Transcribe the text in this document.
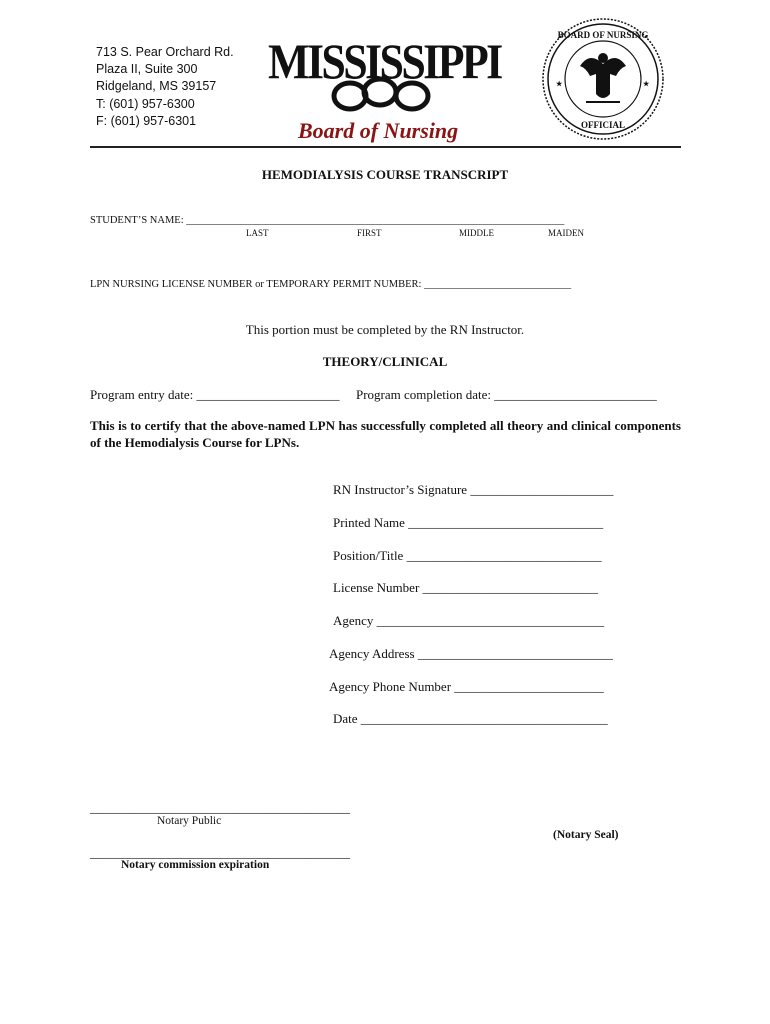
713 S. Pear Orchard Rd.
Plaza II, Suite 300
Ridgeland, MS 39157
T: (601) 957-6300
F: (601) 957-6301
MISSISSIPPI
Board of Nursing
BOARD OF NURSING
OFFICIAL
★	★
HEMODIALYSIS COURSE TRANSCRIPT
STUDENT’S NAME: ________________________________________________________________________
LAST	FIRST	MIDDLE	MAIDEN
LPN NURSING LICENSE NUMBER or TEMPORARY PERMIT NUMBER: ____________________________
This portion must be completed by the RN Instructor.
THEORY/CLINICAL
Program entry date: ______________________ Program completion date: _________________________
This is to certify that the above-named LPN has successfully completed all theory and clinical components of the Hemodialysis Course for LPNs.
RN Instructor’s Signature ______________________
Printed Name ______________________________
Position/Title ______________________________
License Number ___________________________
Agency ___________________________________
Agency Address ______________________________
Agency Phone Number _______________________
Date ______________________________________
________________________________________
Notary Public
(Notary Seal)
________________________________________
Notary commission expiration
